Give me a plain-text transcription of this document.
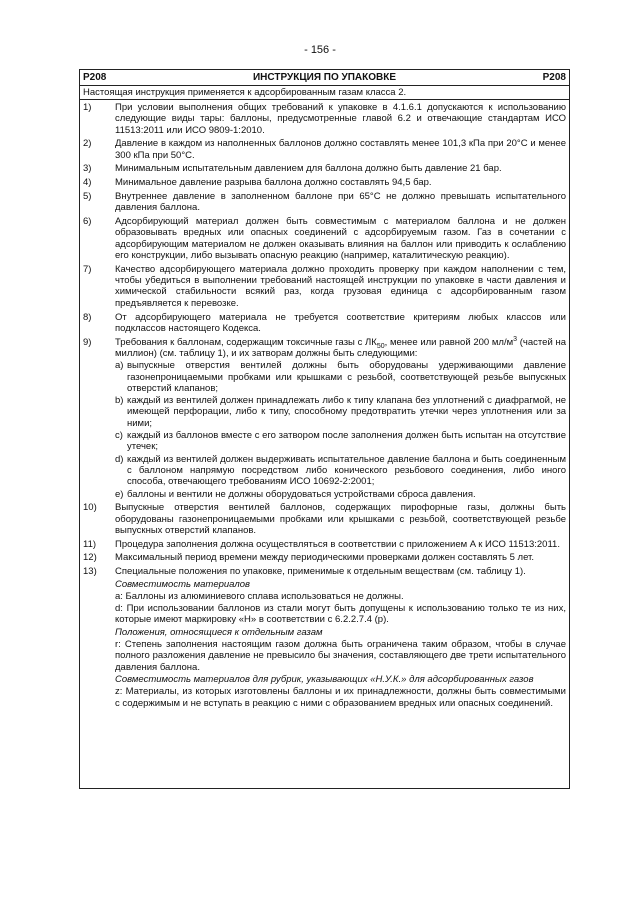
- 156 -
P208	ИНСТРУКЦИЯ ПО УПАКОВКЕ	P208
Настоящая инструкция применяется к адсорбированным газам класса 2.
1)	При условии выполнения общих требований к упаковке в 4.1.6.1 допускаются к использованию следующие виды тары: баллоны, предусмотренные главой 6.2 и отвечающие стандартам ИСО 11513:2011 или ИСО 9809-1:2010.
2)	Давление в каждом из наполненных баллонов должно составлять менее 101,3 кПа при 20°C и менее 300 кПа при 50°C.
3)	Минимальным испытательным давлением для баллона должно быть давление 21 бар.
4)	Минимальное давление разрыва баллона должно составлять 94,5 бар.
5)	Внутреннее давление в заполненном баллоне при 65°C не должно превышать испытательного давления баллона.
6)	Адсорбирующий материал должен быть совместимым с материалом баллона и не должен образовывать вредных или опасных соединений с адсорбируемым газом. Газ в сочетании с адсорбирующим материалом не должен оказывать влияния на баллон или приводить к ослаблению его конструкции, либо вызывать опасную реакцию (например, каталитическую реакцию).
7)	Качество адсорбирующего материала должно проходить проверку при каждом наполнении с тем, чтобы убедиться в выполнении требований настоящей инструкции по упаковке в части давления и химической стабильности всякий раз, когда грузовая единица с адсорбированным газом предъявляется к перевозке.
8)	От адсорбирующего материала не требуется соответствие критериям любых классов или подклассов настоящего Кодекса.
9)	Требования к баллонам, содержащим токсичные газы с $ЛК_{50}$, менее или равной 200 $мл/м^3$ (частей на миллион) (см. таблицу 1), и их затворам должны быть следующими:
a) выпускные отверстия вентилей должны быть оборудованы удерживающими давление газонепроницаемыми пробками или крышками с резьбой, соответствующей резьбе выпускных отверстий клапанов;
b) каждый из вентилей должен принадлежать либо к типу клапана без уплотнений с диафрагмой, не имеющей перфорации, либо к типу, способному предотвратить утечки через уплотнения или за ними;
c) каждый из баллонов вместе с его затвором после заполнения должен быть испытан на отсутствие утечек;
d) каждый из вентилей должен выдерживать испытательное давление баллона и быть соединенным с баллоном напрямую посредством либо конического резьбового соединения, либо иного способа, отвечающего требованиям ИСО 10692-2:2001;
e) баллоны и вентили не должны оборудоваться устройствами сброса давления.
10)	Выпускные отверстия вентилей баллонов, содержащих пирофорные газы, должны быть оборудованы газонепроницаемыми пробками или крышками с резьбой, соответствующей резьбе выпускных отверстий клапанов.
11)	Процедура заполнения должна осуществляться в соответствии с приложением A к ИСО 11513:2011.
12)	Максимальный период времени между периодическими проверками должен составлять 5 лет.
13)	Специальные положения по упаковке, применимые к отдельным веществам (см. таблицу 1).
Совместимость материалов
a: Баллоны из алюминиевого сплава использоваться не должны.
d: При использовании баллонов из стали могут быть допущены к использованию только те из них, которые имеют маркировку «H» в соответствии с 6.2.2.7.4 (p).
Положения, относящиеся к отдельным газам
r: Степень заполнения настоящим газом должна быть ограничена таким образом, чтобы в случае полного разложения давление не превысило бы значения, составляющего две трети испытательного давления баллона.
Совместимость материалов для рубрик, указывающих «Н.У.К.» для адсорбированных газов
z: Материалы, из которых изготовлены баллоны и их принадлежности, должны быть совместимыми с содержимым и не вступать в реакцию с ними с образованием вредных или опасных соединений.
